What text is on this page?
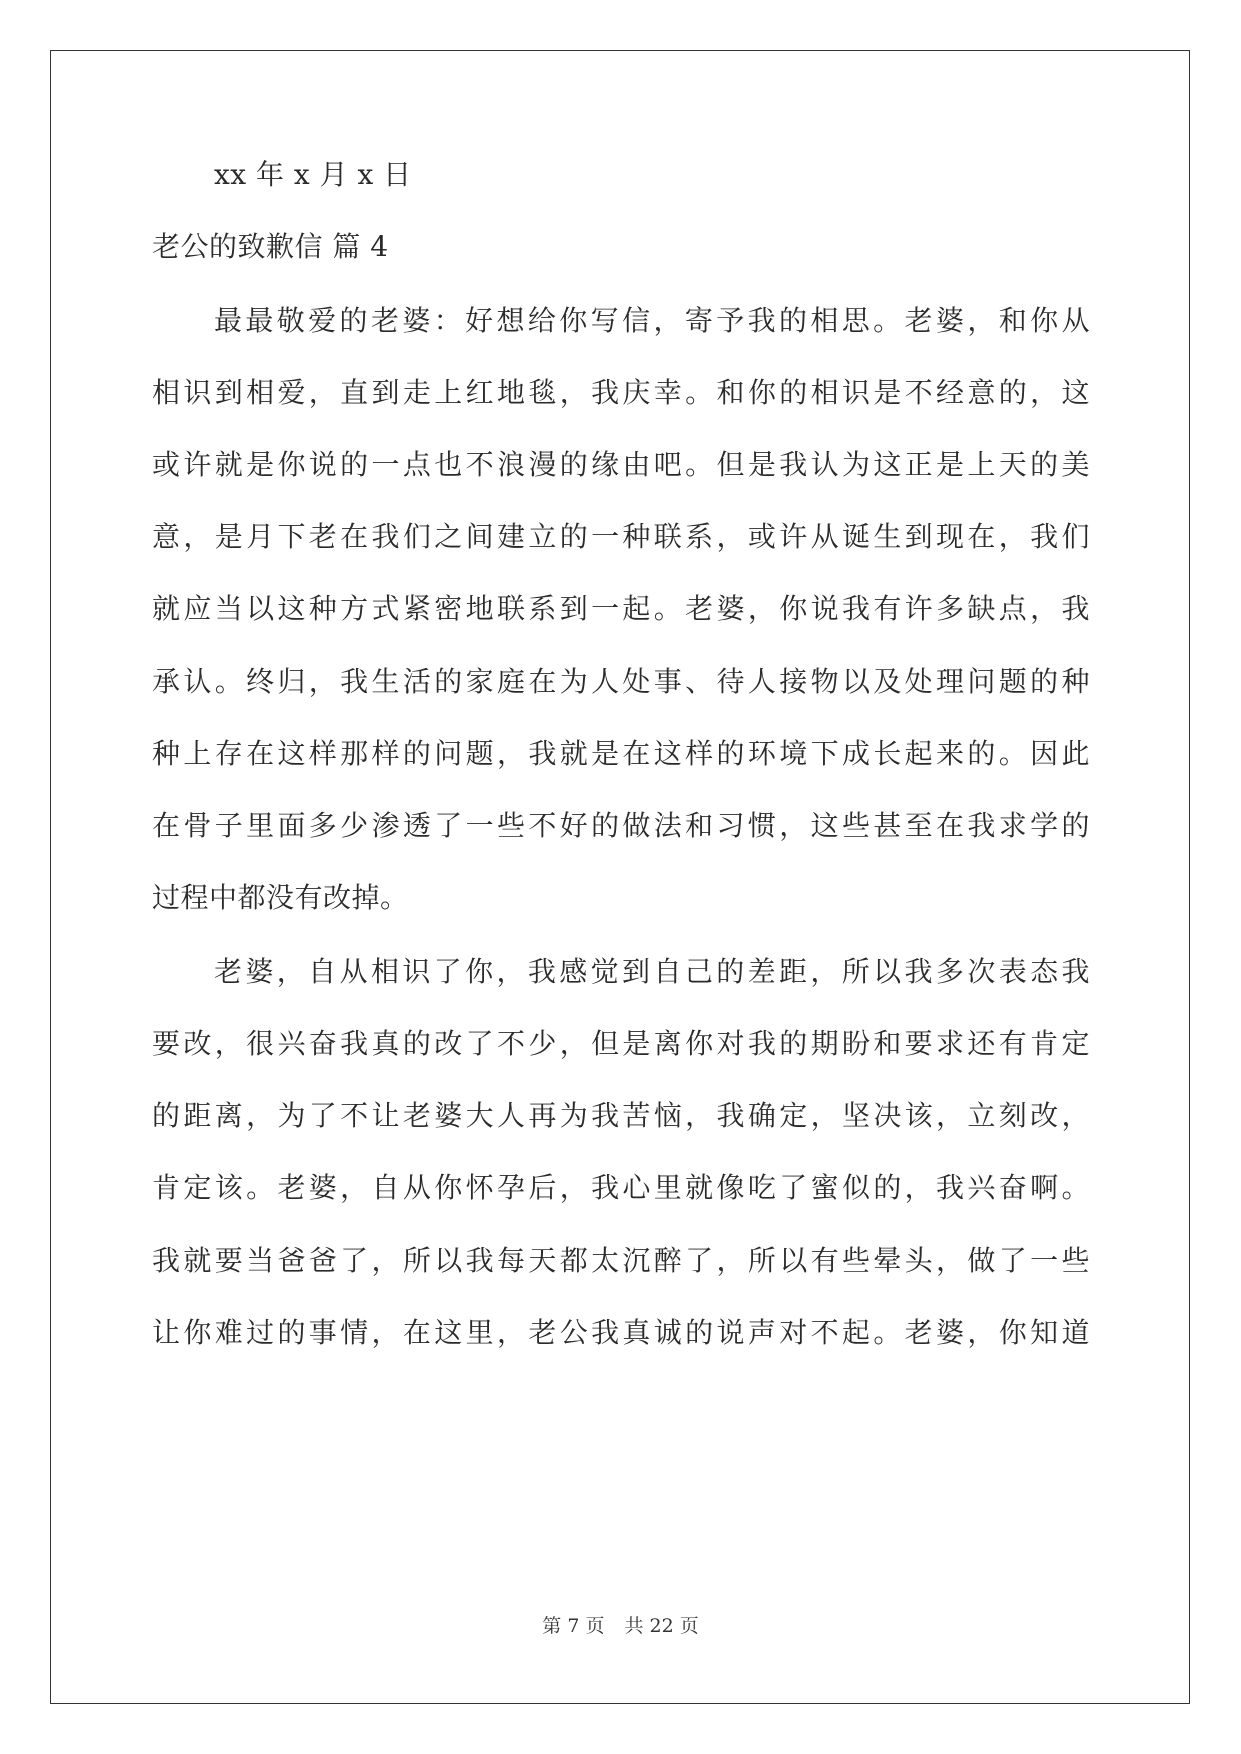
xx 年 x 月 x 日
老公的致歉信 篇 4
最最敬爱的老婆：好想给你写信，寄予我的相思。老婆，和你从
相识到相爱，直到走上红地毯，我庆幸。和你的相识是不经意的，这
或许就是你说的一点也不浪漫的缘由吧。但是我认为这正是上天的美
意，是月下老在我们之间建立的一种联系，或许从诞生到现在，我们
就应当以这种方式紧密地联系到一起。老婆，你说我有许多缺点，我
承认。终归，我生活的家庭在为人处事、待人接物以及处理问题的种
种上存在这样那样的问题，我就是在这样的环境下成长起来的。因此
在骨子里面多少渗透了一些不好的做法和习惯，这些甚至在我求学的
过程中都没有改掉。
老婆，自从相识了你，我感觉到自己的差距，所以我多次表态我
要改，很兴奋我真的改了不少，但是离你对我的期盼和要求还有肯定
的距离，为了不让老婆大人再为我苦恼，我确定，坚决该，立刻改，
肯定该。老婆，自从你怀孕后，我心里就像吃了蜜似的，我兴奋啊。
我就要当爸爸了，所以我每天都太沉醉了，所以有些晕头，做了一些
让你难过的事情，在这里，老公我真诚的说声对不起。老婆，你知道
第 7 页 共 22 页
